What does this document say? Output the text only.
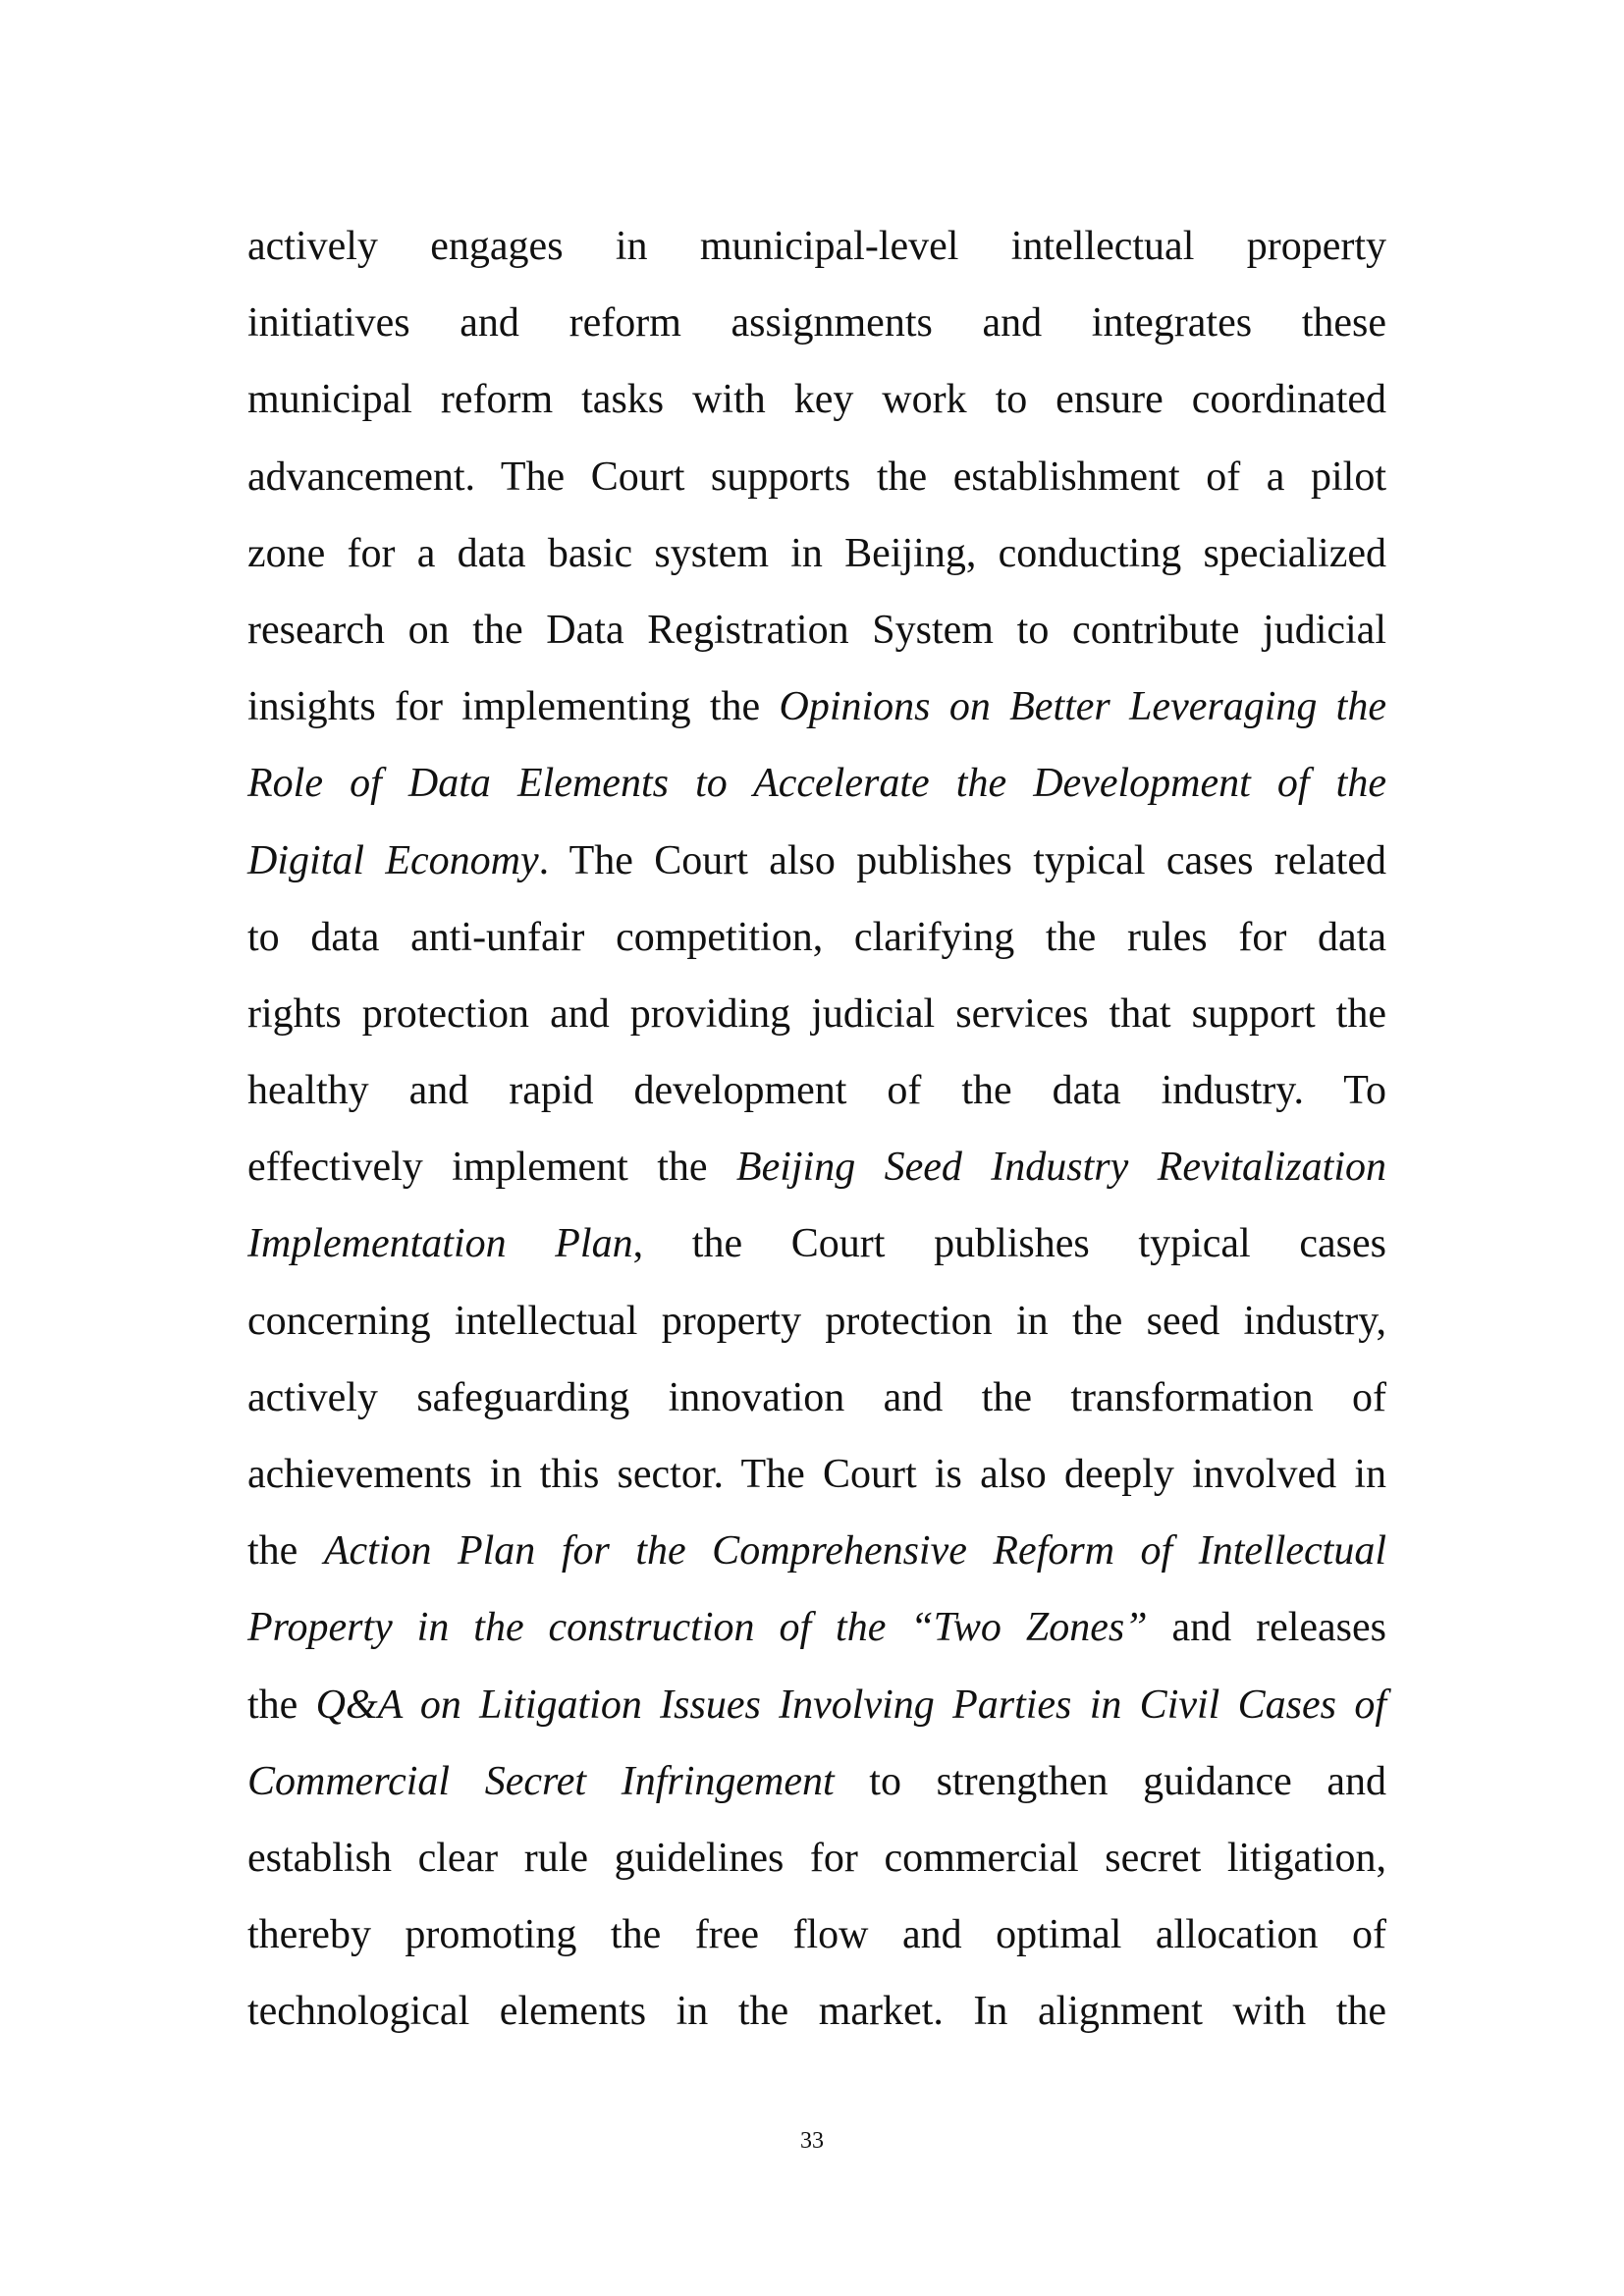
actively engages in municipal-level intellectual property
initiatives and reform assignments and integrates these
municipal reform tasks with key work to ensure coordinated
advancement. The Court supports the establishment of a pilot
zone for a data basic system in Beijing, conducting specialized
research on the Data Registration System to contribute judicial
insights for implementing the Opinions on Better Leveraging the
Role of Data Elements to Accelerate the Development of the
Digital Economy. The Court also publishes typical cases related
to data anti-unfair competition, clarifying the rules for data
rights protection and providing judicial services that support the
healthy and rapid development of the data industry. To
effectively implement the Beijing Seed Industry Revitalization
Implementation Plan, the Court publishes typical cases
concerning intellectual property protection in the seed industry,
actively safeguarding innovation and the transformation of
achievements in this sector. The Court is also deeply involved in
the Action Plan for the Comprehensive Reform of Intellectual
Property in the construction of the “Two Zones” and releases
the Q&A on Litigation Issues Involving Parties in Civil Cases of
Commercial Secret Infringement to strengthen guidance and
establish clear rule guidelines for commercial secret litigation,
thereby promoting the free flow and optimal allocation of
technological elements in the market. In alignment with the
33
